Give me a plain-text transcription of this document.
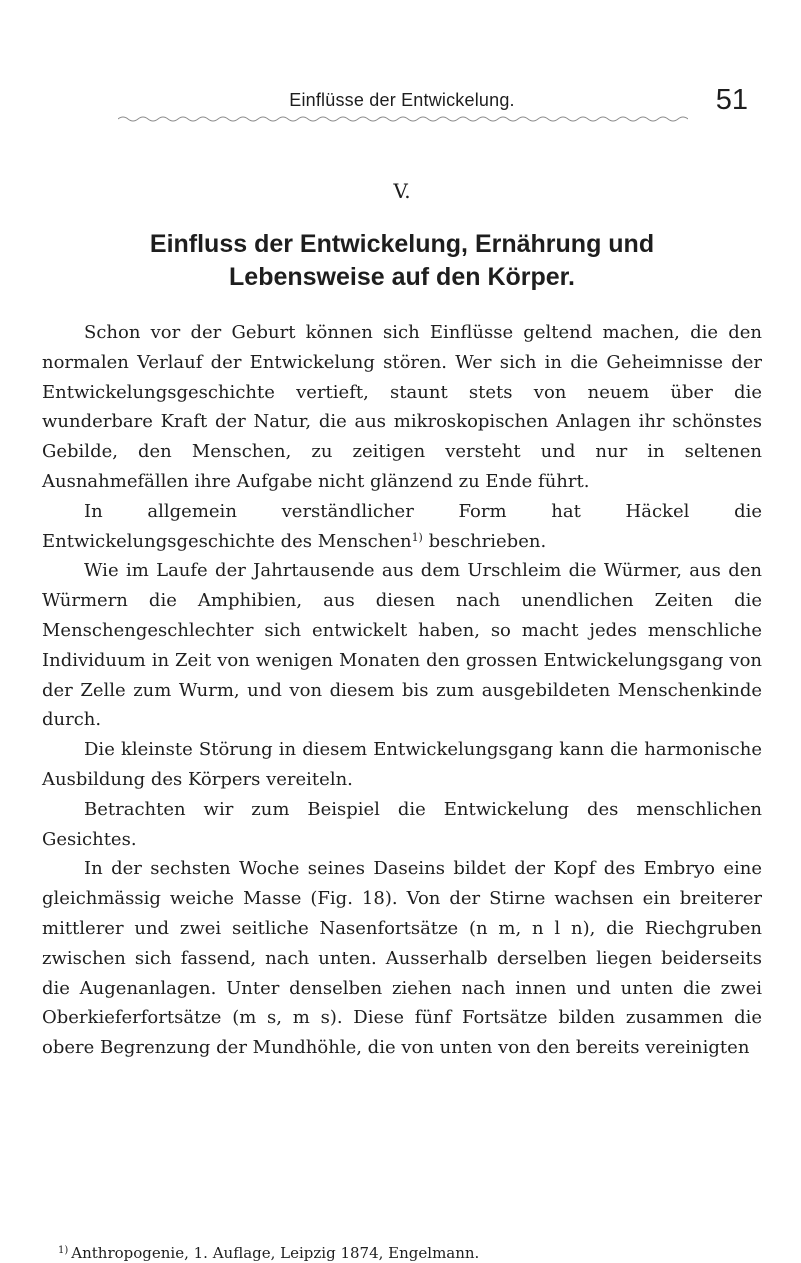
Einflüsse der Entwickelung.	51
V.
Einfluss der Entwickelung, Ernährung und
Lebensweise auf den Körper.

Schon vor der Geburt können sich Einflüsse geltend machen, die den normalen Verlauf der Entwickelung stören. Wer sich in die Geheimnisse der Entwickelungsgeschichte vertieft, staunt stets von neuem über die wunderbare Kraft der Natur, die aus mikroskopischen Anlagen ihr schönstes Gebilde, den Menschen, zu zeitigen versteht und nur in seltenen Ausnahmefällen ihre Aufgabe nicht glänzend zu Ende führt.

In allgemein verständlicher Form hat Häckel die Entwickelungsgeschichte des Menschen$^{1)}$ beschrieben.

Wie im Laufe der Jahrtausende aus dem Urschleim die Würmer, aus den Würmern die Amphibien, aus diesen nach unendlichen Zeiten die Menschengeschlechter sich entwickelt haben, so macht jedes menschliche Individuum in Zeit von wenigen Monaten den grossen Entwickelungsgang von der Zelle zum Wurm, und von diesem bis zum ausgebildeten Menschenkinde durch.

Die kleinste Störung in diesem Entwickelungsgang kann die harmonische Ausbildung des Körpers vereiteln.

Betrachten wir zum Beispiel die Entwickelung des menschlichen Gesichtes.

In der sechsten Woche seines Daseins bildet der Kopf des Embryo eine gleichmässig weiche Masse (Fig. 18). Von der Stirne wachsen ein breiterer mittlerer und zwei seitliche Nasenfortsätze (n m, n l n), die Riechgruben zwischen sich fassend, nach unten. Ausserhalb derselben liegen beiderseits die Augenanlagen. Unter denselben ziehen nach innen und unten die zwei Oberkieferfortsätze (m s, m s). Diese fünf Fortsätze bilden zusammen die obere Begrenzung der Mundhöhle, die von unten von den bereits vereinigten

$^{1)}$ Anthropogenie, 1. Auflage, Leipzig 1874, Engelmann.
